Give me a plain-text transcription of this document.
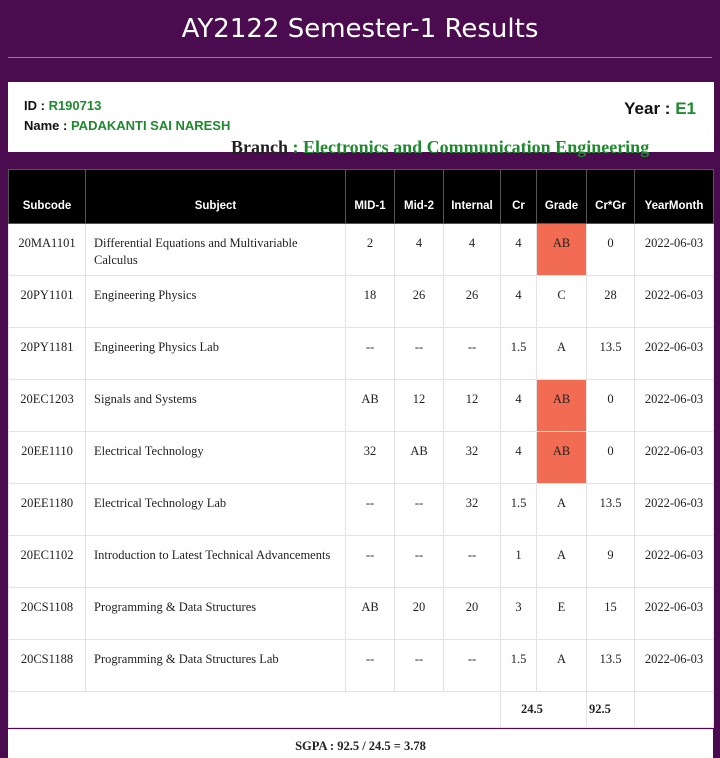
AY2122 Semester-1 Results
ID : R190713
Name : PADAKANTI SAI NARESH
Year : E1
Branch : Electronics and Communication Engineering
Subcode	Subject	MID-1	Mid-2	Internal	Cr	Grade	Cr*Gr	YearMonth
20MA1101	Differential Equations and Multivariable Calculus	2	4	4	4	AB	0	2022-06-03
20PY1101	Engineering Physics	18	26	26	4	C	28	2022-06-03
20PY1181	Engineering Physics Lab	--	--	--	1.5	A	13.5	2022-06-03
20EC1203	Signals and Systems	AB	12	12	4	AB	0	2022-06-03
20EE1110	Electrical Technology	32	AB	32	4	AB	0	2022-06-03
20EE1180	Electrical Technology Lab	--	--	32	1.5	A	13.5	2022-06-03
20EC1102	Introduction to Latest Technical Advancements	--	--	--	1	A	9	2022-06-03
20CS1108	Programming & Data Structures	AB	20	20	3	E	15	2022-06-03
20CS1188	Programming & Data Structures Lab	--	--	--	1.5	A	13.5	2022-06-03
					24.5		92.5	
SGPA : 92.5 / 24.5 = 3.78
